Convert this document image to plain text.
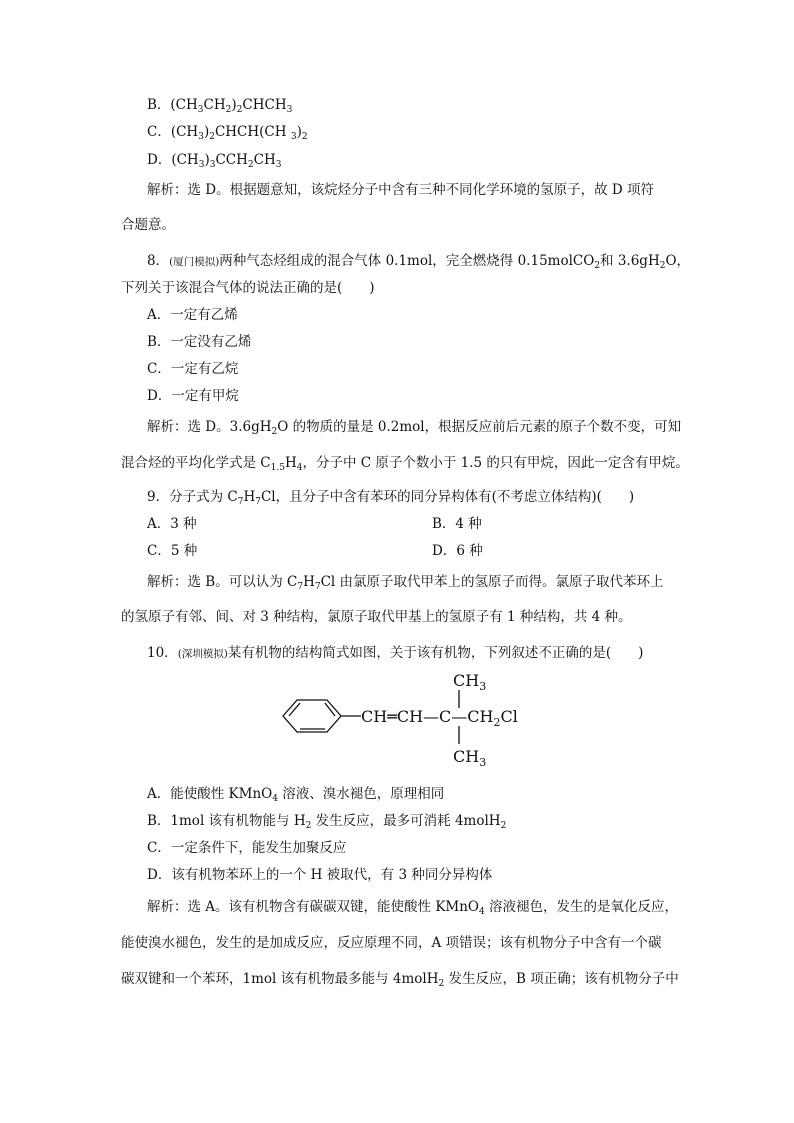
B．$(CH_3CH_2)_2CHCH_3$
C．$(CH_3)_2CHCH(CH$ $_3)_2$
D．$(CH_3)_3CCH_2CH_3$
解析：选 D。根据题意知，该烷烃分子中含有三种不同化学环境的氢原子，故 D 项符
合题意。
8．(厦门模拟)两种气态烃组成的混合气体 0.1mol，完全燃烧得 0.15molCO$_2$和 $3.6gH_2O$，
下列关于该混合气体的说法正确的是(　　)
A．一定有乙烯
B．一定没有乙烯
C．一定有乙烷
D．一定有甲烷
解析：选 D。$3.6gH_2O$ 的物质的量是 0.2mol，根据反应前后元素的原子个数不变，可知
混合烃的平均化学式是 $C_{1.5}H_4$，分子中 C 原子个数小于 1.5 的只有甲烷，因此一定含有甲烷。
9．分子式为 $C_7H_7Cl$，且分子中含有苯环的同分异构体有(不考虑立体结构)(　　)
A．3 种	B．4 种
C．5 种	D．6 种
解析：选 B。可以认为 $C_7H_7Cl$ 由氯原子取代甲苯上的氢原子而得。氯原子取代苯环上
的氢原子有邻、间、对 3 种结构，氯原子取代甲基上的氢原子有 1 种结构，共 4 种。
10．(深圳模拟)某有机物的结构简式如图，关于该有机物，下列叙述不正确的是(　　)
$CH═CH—C—CH_2Cl$
$CH_3$
$CH_3$
A．能使酸性 KMnO$_4$ 溶液、溴水褪色，原理相同
B．1mol 该有机物能与 $H_2$ 发生反应，最多可消耗 4molH$_2$
C．一定条件下，能发生加聚反应
D．该有机物苯环上的一个 H 被取代，有 3 种同分异构体
解析：选 A。该有机物含有碳碳双键，能使酸性 KMnO$_4$ 溶液褪色，发生的是氧化反应，
能使溴水褪色，发生的是加成反应，反应原理不同，A 项错误；该有机物分子中含有一个碳
碳双键和一个苯环，1mol 该有机物最多能与 4molH$_2$ 发生反应，B 项正确；该有机物分子中
